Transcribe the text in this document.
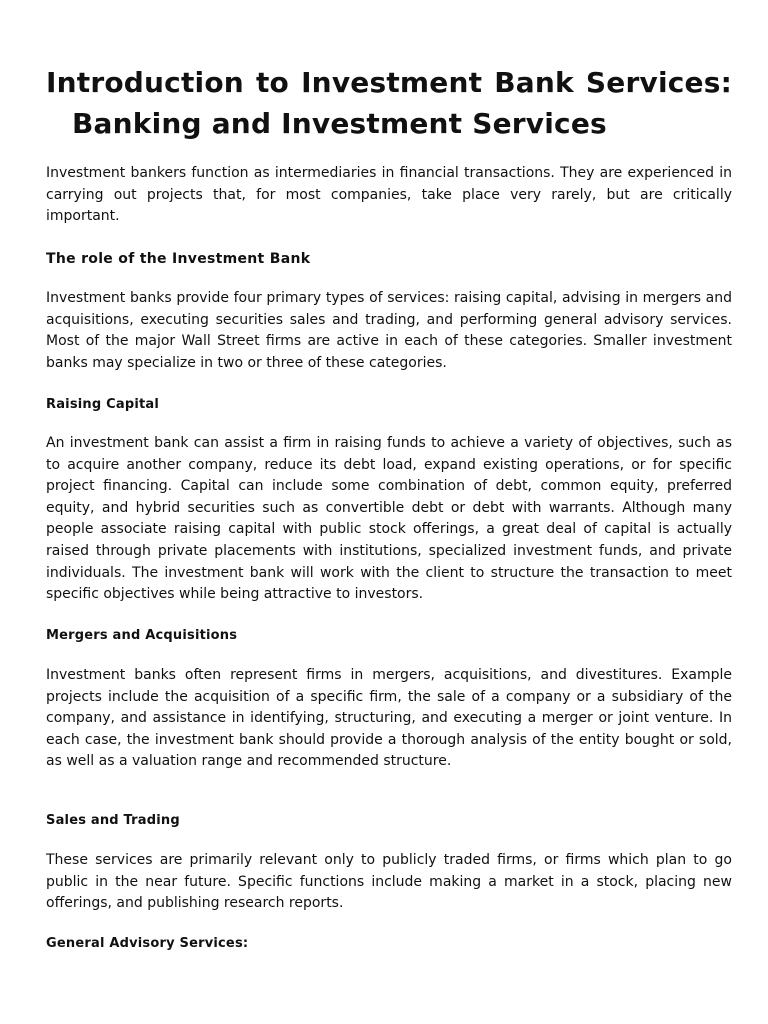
Introduction to Investment Bank Services:
Banking and Investment Services

Investment bankers function as intermediaries in financial transactions. They are experienced in carrying out projects that, for most companies, take place very rarely, but are critically important.

The role of the Investment Bank

Investment banks provide four primary types of services: raising capital, advising in mergers and acquisitions, executing securities sales and trading, and performing general advisory services. Most of the major Wall Street firms are active in each of these categories. Smaller investment banks may specialize in two or three of these categories.

Raising Capital

An investment bank can assist a firm in raising funds to achieve a variety of objectives, such as to acquire another company, reduce its debt load, expand existing operations, or for specific project financing. Capital can include some combination of debt, common equity, preferred equity, and hybrid securities such as convertible debt or debt with warrants. Although many people associate raising capital with public stock offerings, a great deal of capital is actually raised through private placements with institutions, specialized investment funds, and private individuals. The investment bank will work with the client to structure the transaction to meet specific objectives while being attractive to investors.

Mergers and Acquisitions

Investment banks often represent firms in mergers, acquisitions, and divestitures. Example projects include the acquisition of a specific firm, the sale of a company or a subsidiary of the company, and assistance in identifying, structuring, and executing a merger or joint venture. In each case, the investment bank should provide a thorough analysis of the entity bought or sold, as well as a valuation range and recommended structure.

Sales and Trading

These services are primarily relevant only to publicly traded firms, or firms which plan to go public in the near future. Specific functions include making a market in a stock, placing new offerings, and publishing research reports.

General Advisory Services:
